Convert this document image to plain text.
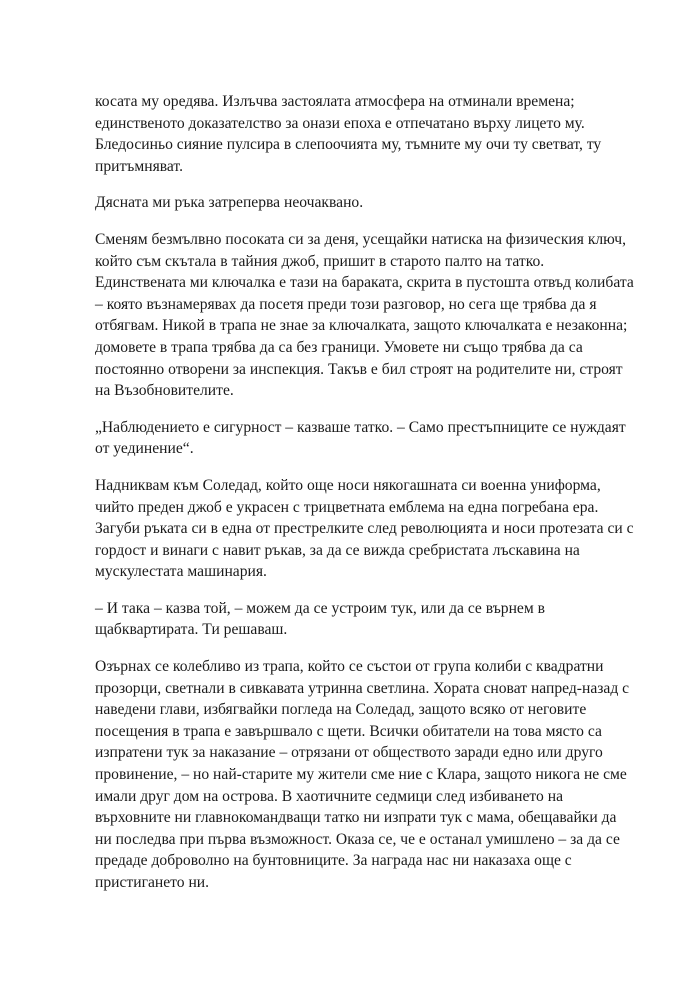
косата му оредява. Излъчва застоялата атмосфера на отминали времена; единственото доказателство за онази епоха е отпечатано върху лицето му. Бледосиньо сияние пулсира в слепоочията му, тъмните му очи ту светват, ту притъмняват.

Дясната ми ръка затреперва неочаквано.

Сменям безмълвно посоката си за деня, усещайки натиска на физическия ключ, който съм скътала в тайния джоб, пришит в старото палто на татко. Единствената ми ключалка е тази на бараката, скрита в пустошта отвъд колибата – която възнамерявах да посетя преди този разговор, но сега ще трябва да я отбягвам. Никой в трапа не знае за ключалката, защото ключалката е незаконна; домовете в трапа трябва да са без граници. Умовете ни също трябва да са постоянно отворени за инспекция. Такъв е бил строят на родителите ни, строят на Възобновителите.

„Наблюдението е сигурност – казваше татко. – Само престъпниците се нуждаят от уединение“.

Надниквам към Соледад, който още носи някогашната си военна униформа, чийто преден джоб е украсен с трицветната емблема на една погребана ера. Загуби ръката си в една от престрелките след революцията и носи протезата си с гордост и винаги с навит ръкав, за да се вижда сребристата лъскавина на мускулестата машинария.

– И така – казва той, – можем да се устроим тук, или да се върнем в щабквартирата. Ти решаваш.

Озърнах се колебливо из трапа, който се състои от група колиби с квадратни прозорци, светнали в сивкавата утринна светлина. Хората сноват напред-назад с наведени глави, избягвайки погледа на Соледад, защото всяко от неговите посещения в трапа е завършвало с щети. Всички обитатели на това място са изпратени тук за наказание – отрязани от обществото заради едно или друго провинение, – но най-старите му жители сме ние с Клара, защото никога не сме имали друг дом на острова. В хаотичните седмици след избиването на върховните ни главнокомандващи татко ни изпрати тук с мама, обещавайки да ни последва при първа възможност. Оказа се, че е останал умишлено – за да се предаде доброволно на бунтовниците. За награда нас ни наказаха още с пристигането ни.
